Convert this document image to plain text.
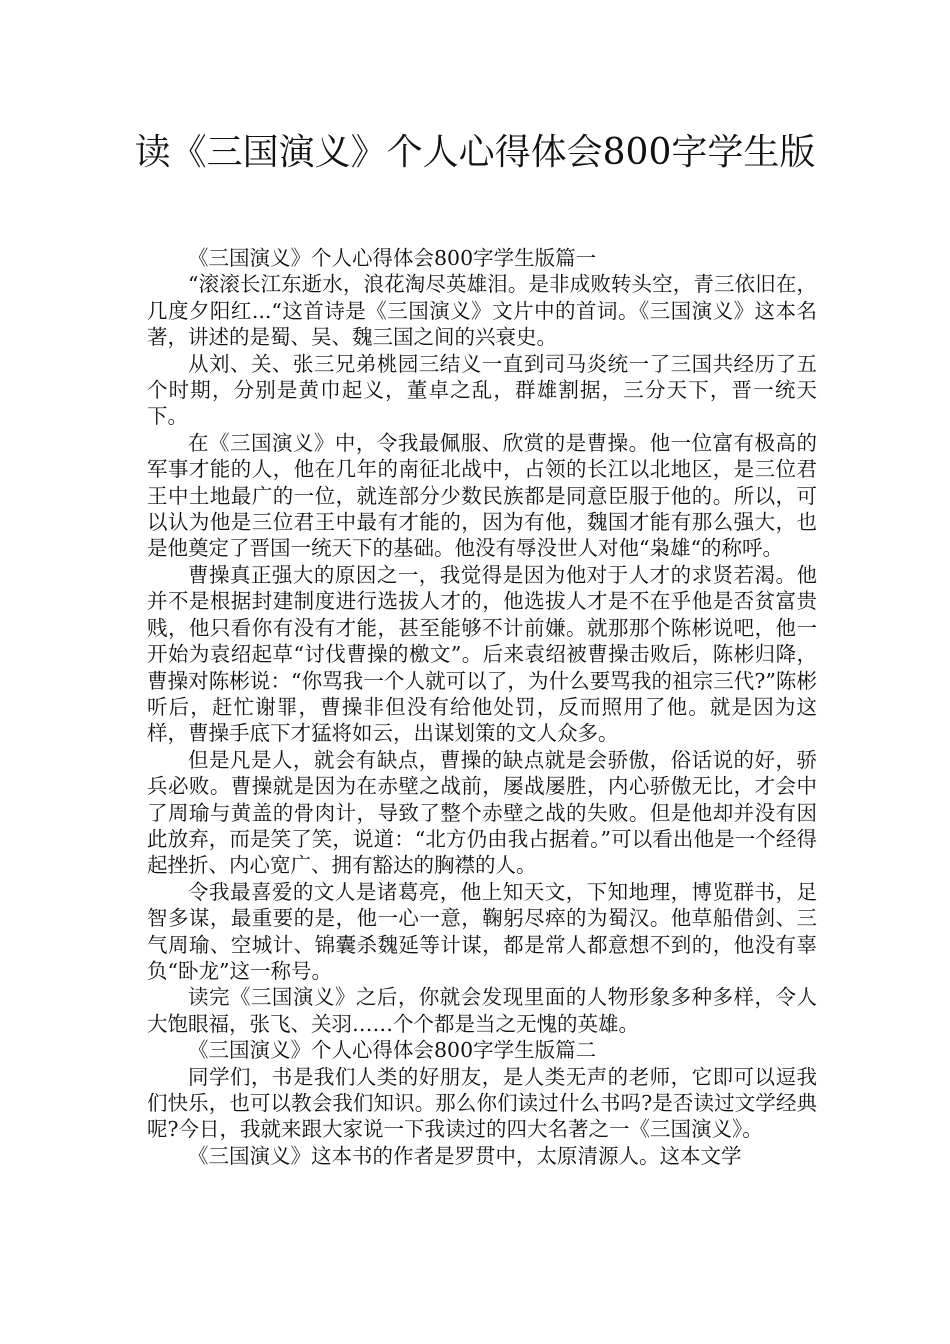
读《三国演义》个人心得体会800字学生版

《三国演义》个人心得体会800字学生版篇一

“滚滚长江东逝水，浪花淘尽英雄泪。是非成败转头空，青三依旧在，几度夕阳红...“这首诗是《三国演义》文片中的首词。《三国演义》这本名著，讲述的是蜀、吴、魏三国之间的兴衰史。

从刘、关、张三兄弟桃园三结义一直到司马炎统一了三国共经历了五个时期，分别是黄巾起义，董卓之乱，群雄割据，三分天下，晋一统天下。

在《三国演义》中，令我最佩服、欣赏的是曹操。他一位富有极高的军事才能的人，他在几年的南征北战中，占领的长江以北地区，是三位君王中土地最广的一位，就连部分少数民族都是同意臣服于他的。所以，可以认为他是三位君王中最有才能的，因为有他，魏国才能有那么强大，也是他奠定了晋国一统天下的基础。他没有辱没世人对他“枭雄“的称呼。

曹操真正强大的原因之一，我觉得是因为他对于人才的求贤若渴。他并不是根据封建制度进行选拔人才的，他选拔人才是不在乎他是否贫富贵贱，他只看你有没有才能，甚至能够不计前嫌。就那那个陈彬说吧，他一开始为袁绍起草“讨伐曹操的檄文”。后来袁绍被曹操击败后，陈彬归降，曹操对陈彬说：“你骂我一个人就可以了，为什么要骂我的祖宗三代?”陈彬听后，赶忙谢罪，曹操非但没有给他处罚，反而照用了他。就是因为这样，曹操手底下才猛将如云，出谋划策的文人众多。

但是凡是人，就会有缺点，曹操的缺点就是会骄傲，俗话说的好，骄兵必败。曹操就是因为在赤壁之战前，屡战屡胜，内心骄傲无比，才会中了周瑜与黄盖的骨肉计，导致了整个赤壁之战的失败。但是他却并没有因此放弃，而是笑了笑，说道：“北方仍由我占据着。”可以看出他是一个经得起挫折、内心宽广、拥有豁达的胸襟的人。

令我最喜爱的文人是诸葛亮，他上知天文，下知地理，博览群书，足智多谋，最重要的是，他一心一意，鞠躬尽瘁的为蜀汉。他草船借剑、三气周瑜、空城计、锦囊杀魏延等计谋，都是常人都意想不到的，他没有辜负“卧龙”这一称号。

读完《三国演义》之后，你就会发现里面的人物形象多种多样，令人大饱眼福，张飞、关羽……个个都是当之无愧的英雄。

《三国演义》个人心得体会800字学生版篇二

同学们，书是我们人类的好朋友，是人类无声的老师，它即可以逗我们快乐，也可以教会我们知识。那么你们读过什么书吗?是否读过文学经典呢?今日，我就来跟大家说一下我读过的四大名著之一《三国演义》。

《三国演义》这本书的作者是罗贯中，太原清源人。这本文学
